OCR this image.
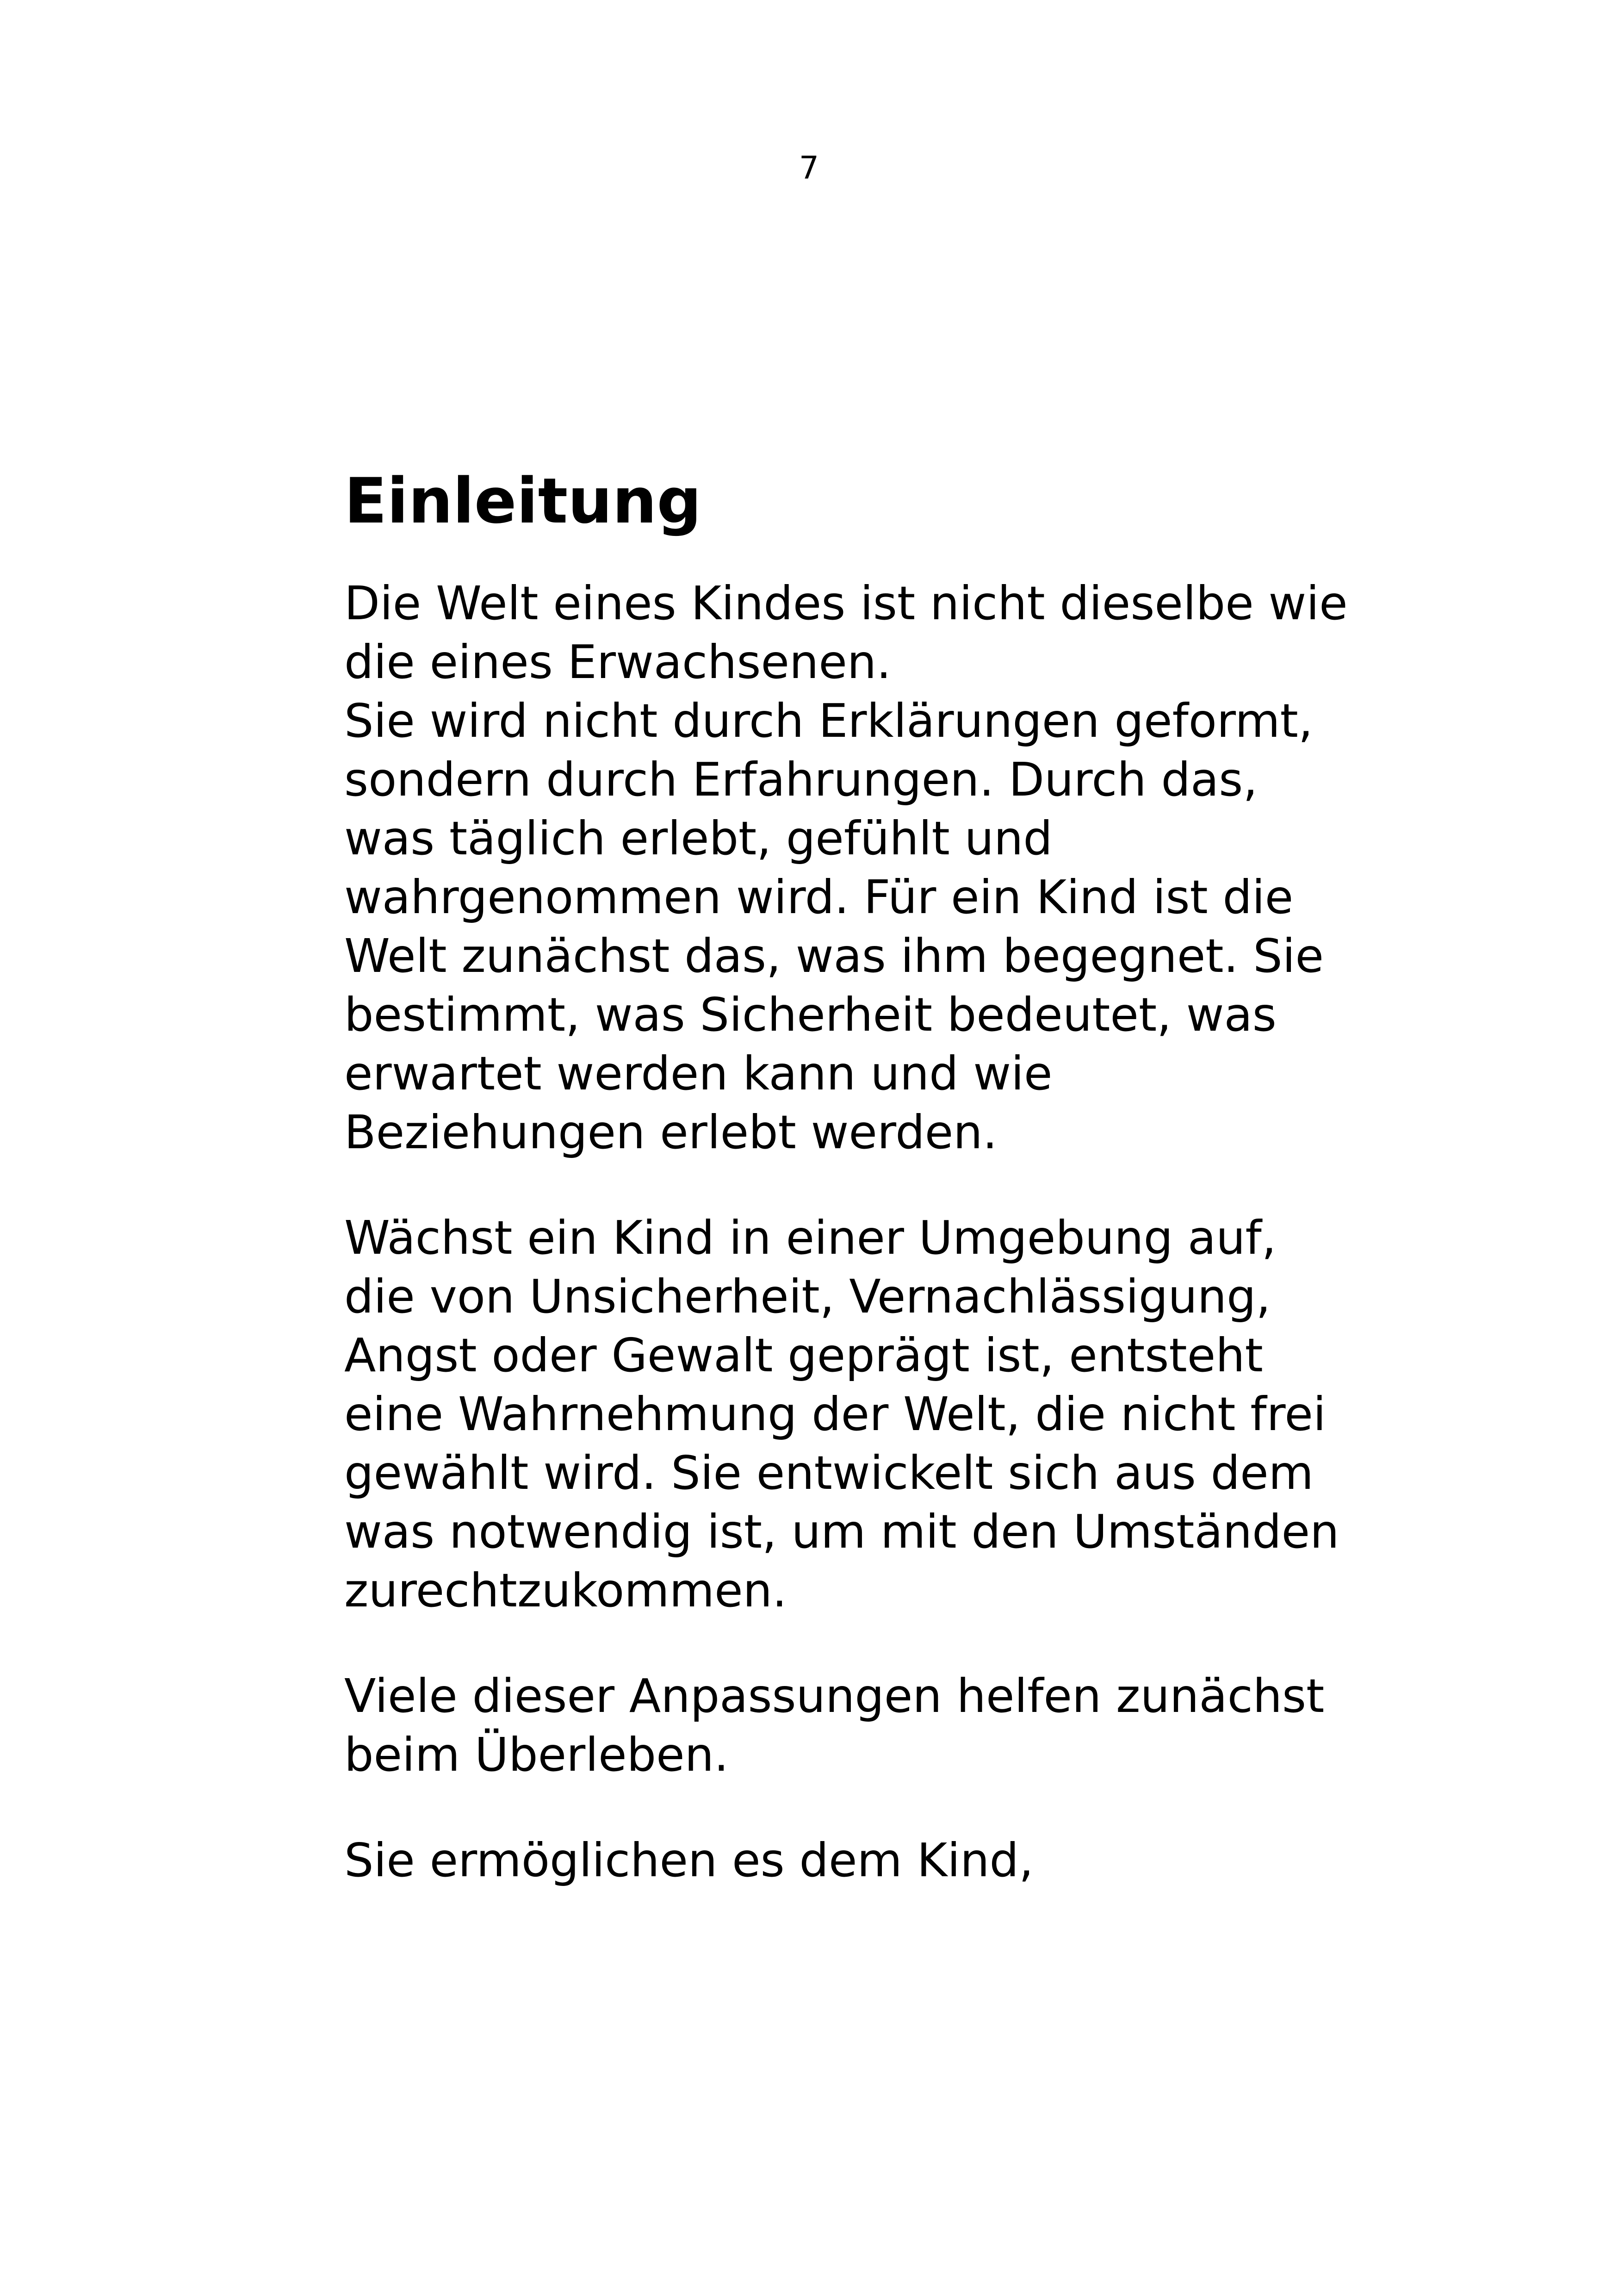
7
Einleitung

Die Welt eines Kindes ist nicht dieselbe wie
die eines Erwachsenen.
Sie wird nicht durch Erklärungen geformt,
sondern durch Erfahrungen. Durch das,
was täglich erlebt, gefühlt und
wahrgenommen wird. Für ein Kind ist die
Welt zunächst das, was ihm begegnet. Sie
bestimmt, was Sicherheit bedeutet, was
erwartet werden kann und wie
Beziehungen erlebt werden.

Wächst ein Kind in einer Umgebung auf,
die von Unsicherheit, Vernachlässigung,
Angst oder Gewalt geprägt ist, entsteht
eine Wahrnehmung der Welt, die nicht frei
gewählt wird. Sie entwickelt sich aus dem
was notwendig ist, um mit den Umständen
zurechtzukommen.

Viele dieser Anpassungen helfen zunächst
beim Überleben.

Sie ermöglichen es dem Kind,
